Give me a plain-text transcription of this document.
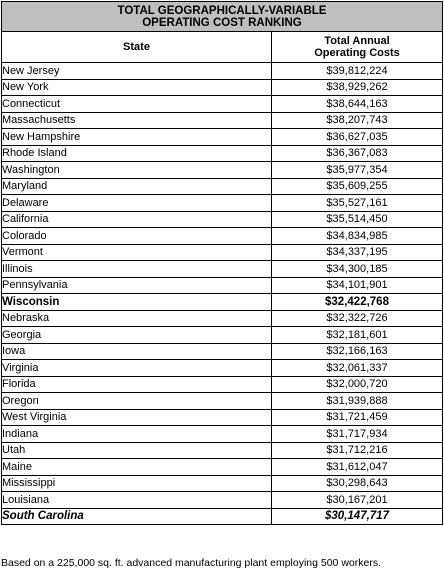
TOTAL GEOGRAPHICALLY-VARIABLE
OPERATING COST RANKING	

State	Total Annual
Operating Costs

New Jersey	$39,812,224
New York	$38,929,262
Connecticut	$38,644,163
Massachusetts	$38,207,743
New Hampshire	$36,627,035
Rhode Island	$36,367,083
Washington	$35,977,354
Maryland	$35,609,255
Delaware	$35,527,161
California	$35,514,450
Colorado	$34,834,985
Vermont	$34,337,195
Illinois	$34,300,185
Pennsylvania	$34,101,901
Wisconsin	$32,422,768
Nebraska	$32,322,726
Georgia	$32,181,601
Iowa	$32,166,163
Virginia	$32,061,337
Florida	$32,000,720
Oregon	$31,939,888
West Virginia	$31,721,459
Indiana	$31,717,934
Utah	$31,712,216
Maine	$31,612,047
Mississippi	$30,298,643
Louisiana	$30,167,201
South Carolina	$30,147,717
Based on a 225,000 sq. ft. advanced manufacturing plant employing 500 workers.
